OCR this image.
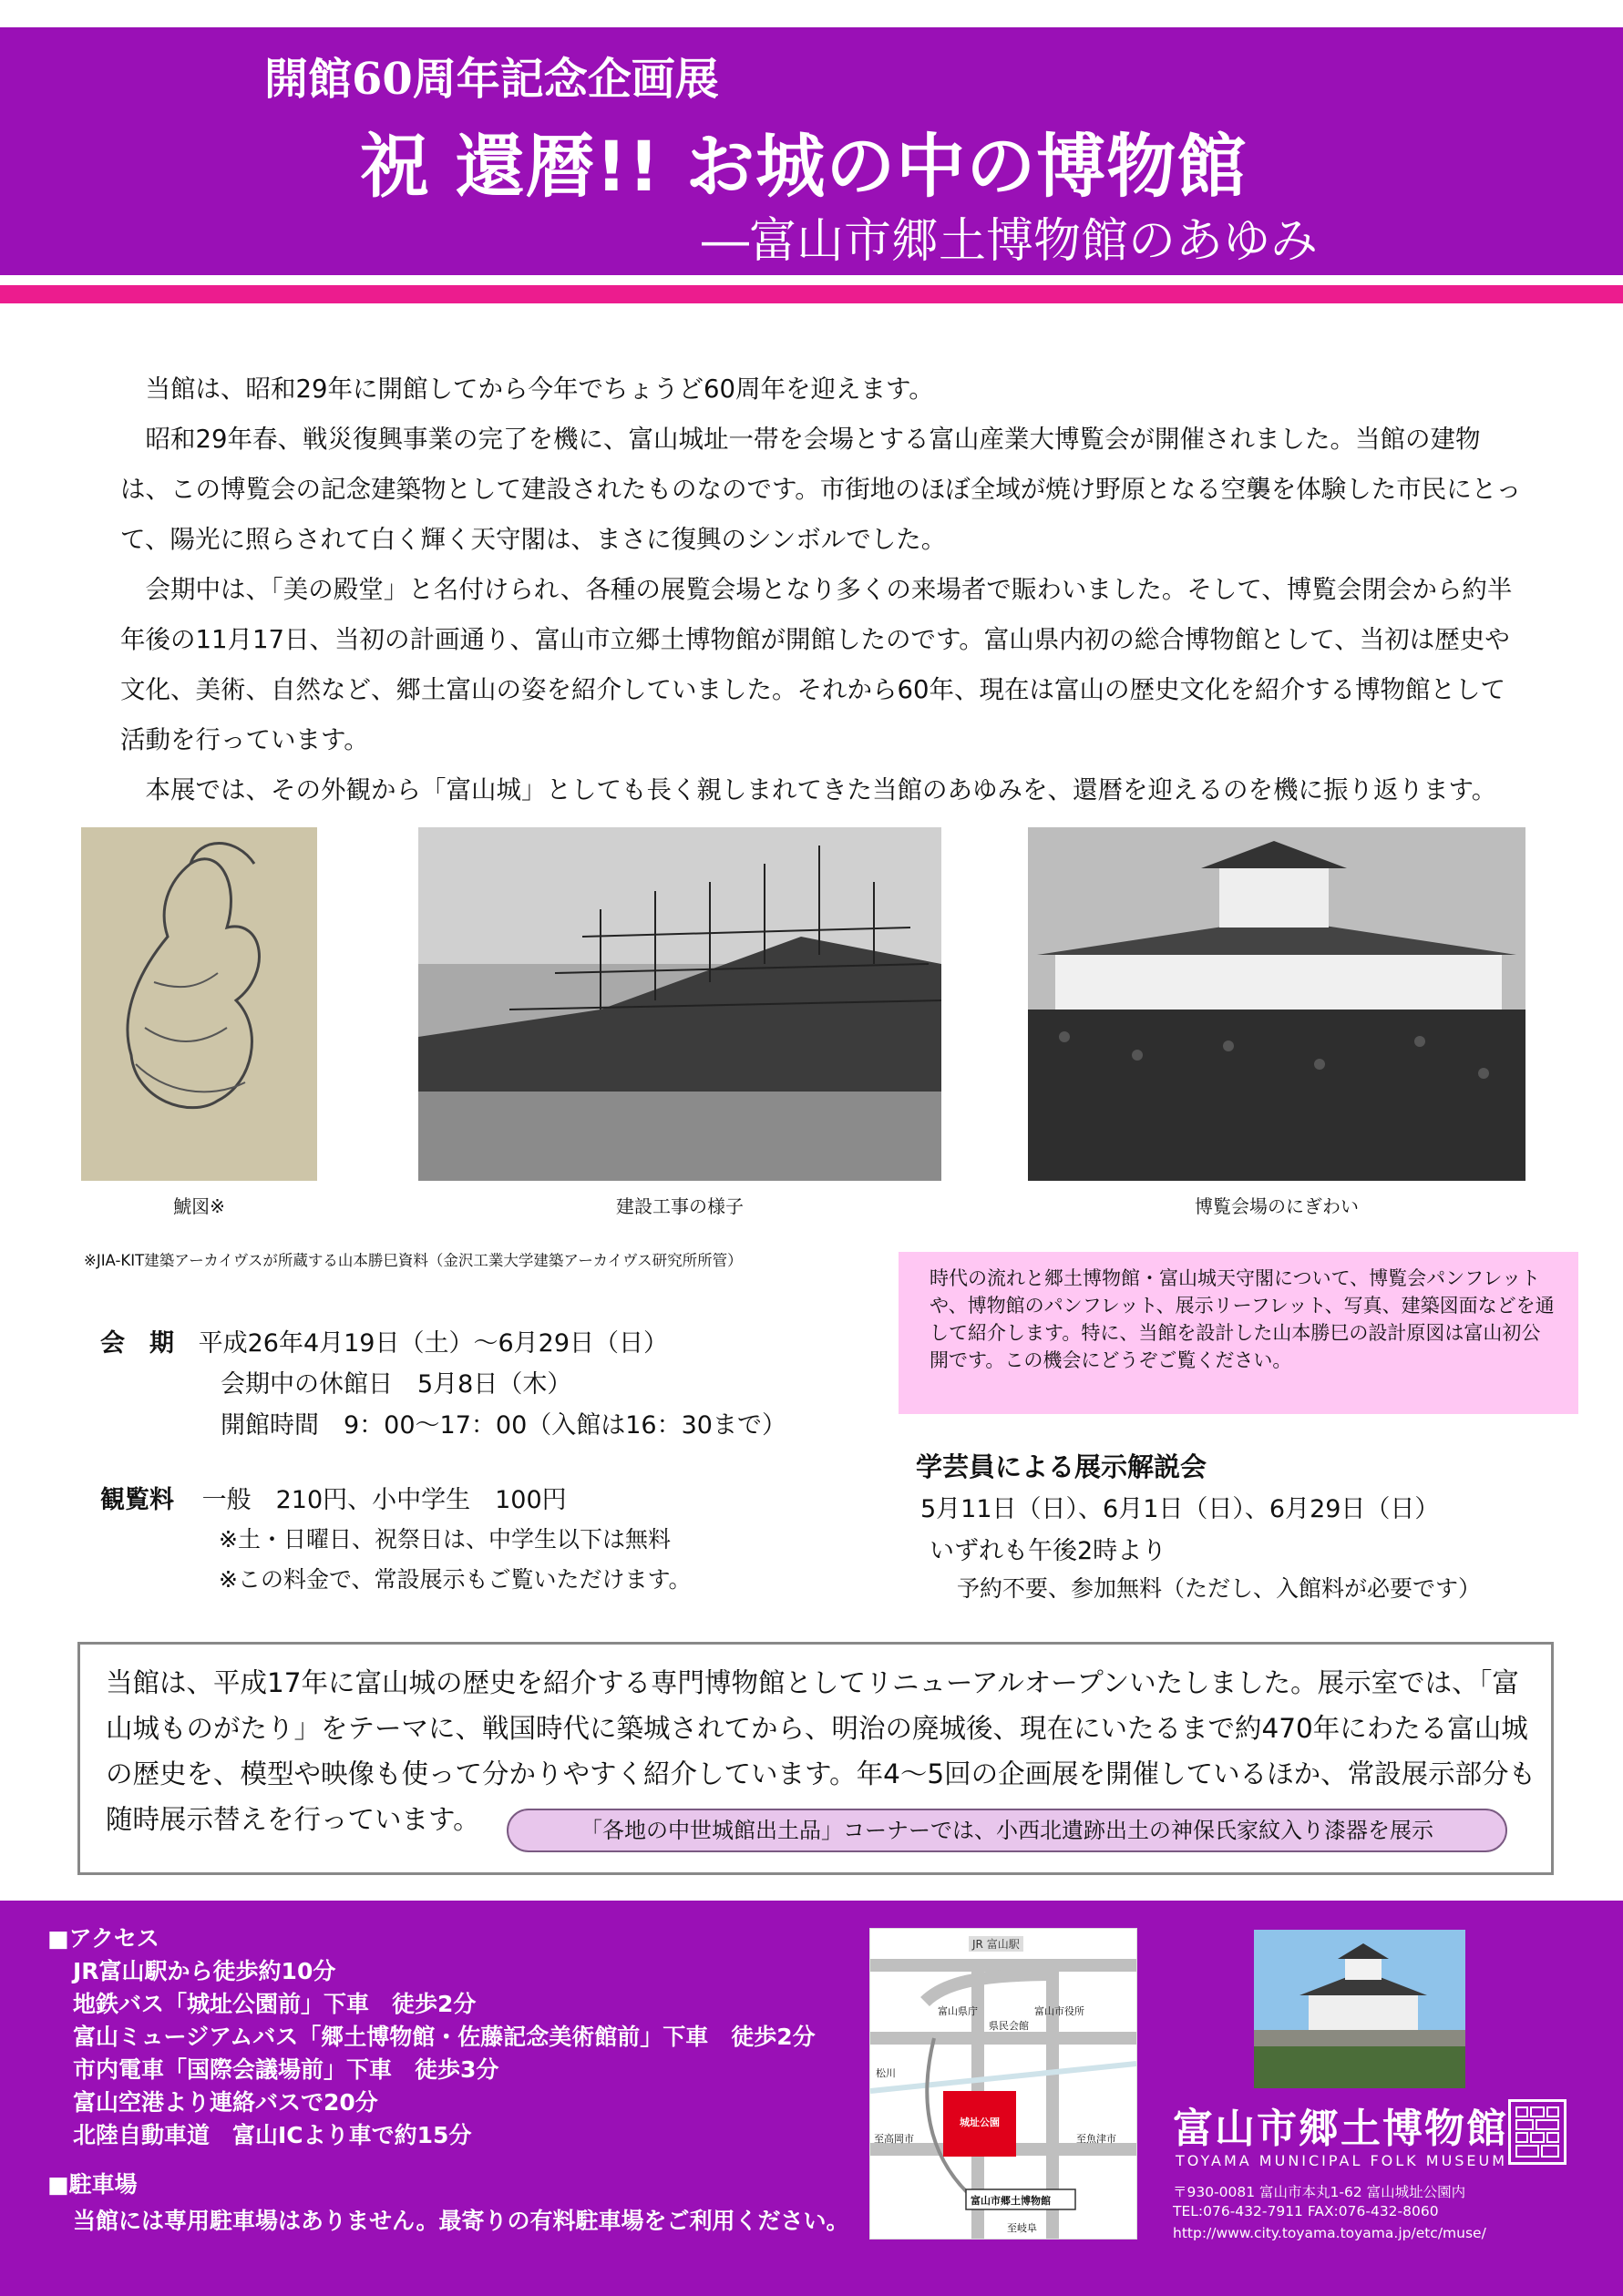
開館60周年記念企画展
祝 還暦!! お城の中の博物館
―富山市郷土博物館のあゆみ

当館は、昭和29年に開館してから今年でちょうど60周年を迎えます。

昭和29年春、戦災復興事業の完了を機に、富山城址一帯を会場とする富山産業大博覧会が開催されました。当館の建物は、この博覧会の記念建築物として建設されたものなのです。市街地のほぼ全域が焼け野原となる空襲を体験した市民にとって、陽光に照らされて白く輝く天守閣は、まさに復興のシンボルでした。

会期中は、「美の殿堂」と名付けられ、各種の展覧会場となり多くの来場者で賑わいました。そして、博覧会閉会から約半年後の11月17日、当初の計画通り、富山市立郷土博物館が開館したのです。富山県内初の総合博物館として、当初は歴史や文化、美術、自然など、郷土富山の姿を紹介していました。それから60年、現在は富山の歴史文化を紹介する博物館として活動を行っています。

本展では、その外観から「富山城」としても長く親しまれてきた当館のあゆみを、還暦を迎えるのを機に振り返ります。

鯱図※	建設工事の様子	博覧会場のにぎわい
※JIA-KIT建築アーカイヴスが所蔵する山本勝巳資料（金沢工業大学建築アーカイヴス研究所所管）
会　期 平成26年4月19日（土）～6月29日（日）
会期中の休館日　5月8日（木）
開館時間　9：00～17：00（入館は16：30まで）
観覧料 一般　210円、小中学生　100円
※土・日曜日、祝祭日は、中学生以下は無料
※この料金で、常設展示もご覧いただけます。
時代の流れと郷土博物館・富山城天守閣について、博覧会パンフレットや、博物館のパンフレット、展示リーフレット、写真、建築図面などを通して紹介します。特に、当館を設計した山本勝巳の設計原図は富山初公開です。この機会にどうぞご覧ください。
学芸員による展示解説会
5月11日（日）、6月1日（日）、6月29日（日）
いずれも午後2時より
予約不要、参加無料（ただし、入館料が必要です）
当館は、平成17年に富山城の歴史を紹介する専門博物館としてリニューアルオープンいたしました。展示室では、「富山城ものがたり」をテーマに、戦国時代に築城されてから、明治の廃城後、現在にいたるまで約470年にわたる富山城の歴史を、模型や映像も使って分かりやすく紹介しています。年4～5回の企画展を開催しているほか、常設展示部分も随時展示替えを行っています。	「各地の中世城館出土品」コーナーでは、小西北遺跡出土の神保氏家紋入り漆器を展示
■アクセス
JR富山駅から徒歩約10分
地鉄バス「城址公園前」下車　徒歩2分
富山ミュージアムバス「郷土博物館・佐藤記念美術館前」下車　徒歩2分
市内電車「国際会議場前」下車　徒歩3分
富山空港より連絡バスで20分
北陸自動車道　富山ICより車で約15分
■駐車場
当館には専用駐車場はありません。最寄りの有料駐車場をご利用ください。
JR 富山駅
富山県庁	富山市役所
県民会館
松川
城址公園
至高岡市	至魚津市
富山市郷土博物館
至岐阜
富山市郷土博物館
TOYAMA MUNICIPAL FOLK MUSEUM
〒930-0081 富山市本丸1-62 富山城址公園内
TEL:076-432-7911 FAX:076-432-8060
http://www.city.toyama.toyama.jp/etc/muse/
